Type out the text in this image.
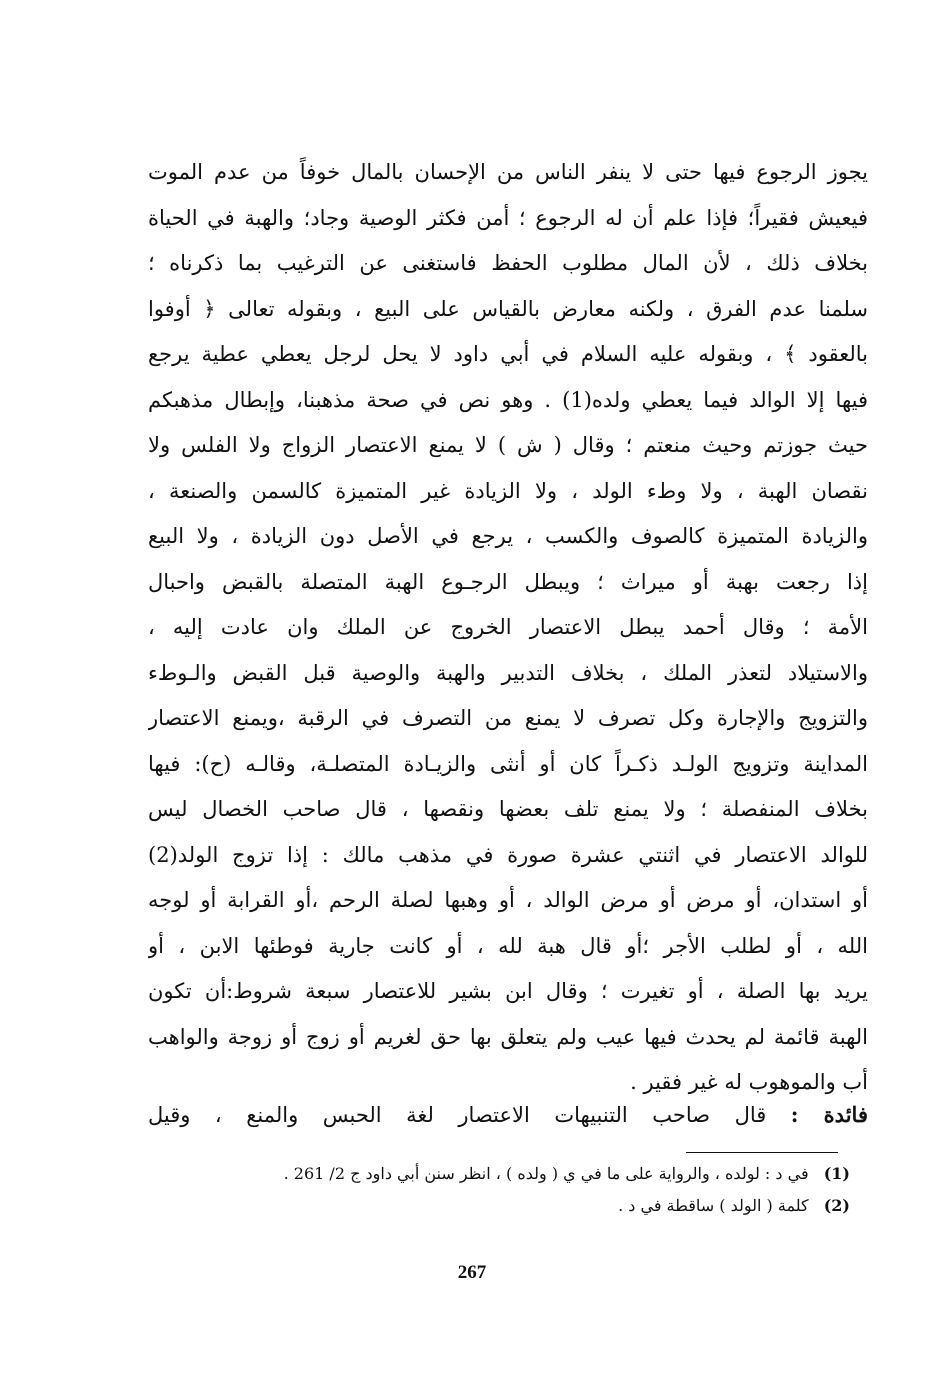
يجوز الرجوع فيها حتى لا ينفر الناس من الإحسان بالمال خوفاً من عدم الموت
فيعيش فقيراً؛ فإذا علم أن له الرجوع ؛ أمن فكثر الوصية وجاد؛ والهبة في الحياة
بخلاف ذلك ، لأن المال مطلوب الحفظ فاستغنى عن الترغيب بما ذكرناه ؛
سلمنا عدم الفرق ، ولكنه معارض بالقياس على البيع ، وبقوله تعالى ﴿ أوفوا
بالعقود ﴾ ، وبقوله عليه السلام في أبي داود لا يحل لرجل يعطي عطية يرجع
فيها إلا الوالد فيما يعطي ولده(1) . وهو نص في صحة مذهبنا، وإبطال مذهبكم
حيث جوزتم وحيث منعتم ؛ وقال ( ش ) لا يمنع الاعتصار الزواج ولا الفلس ولا
نقصان الهبة ، ولا وطء الولد ، ولا الزيادة غير المتميزة كالسمن والصنعة ،
والزيادة المتميزة كالصوف والكسب ، يرجع في الأصل دون الزيادة ، ولا البيع
إذا رجعت بهبة أو ميراث ؛ ويبطل الرجـوع الهبة المتصلة بالقبض واحبال
الأمة ؛ وقال أحمد يبطل الاعتصار الخروج عن الملك وان عادت إليه ،
والاستيلاد لتعذر الملك ، بخلاف التدبير والهبة والوصية قبل القبض والـوطء
والتزويج والإجارة وكل تصرف لا يمنع من التصرف في الرقبة ،ويمنع الاعتصار
المداينة وتزويج الولـد ذكـراً كان أو أنثى والزيـادة المتصلـة، وقالـه (ح): فيها
بخلاف المنفصلة ؛ ولا يمنع تلف بعضها ونقصها ، قال صاحب الخصال ليس
للوالد الاعتصار في اثنتي عشرة صورة في مذهب مالك : إذا تزوج الولد(2)
أو استدان، أو مرض أو مرض الوالد ، أو وهبها لصلة الرحم ،أو القرابة أو لوجه
الله ، أو لطلب الأجر ؛أو قال هبة لله ، أو كانت جارية فوطئها الابن ، أو
يريد بها الصلة ، أو تغيرت ؛ وقال ابن بشير للاعتصار سبعة شروط:أن تكون
الهبة قائمة لم يحدث فيها عيب ولم يتعلق بها حق لغريم أو زوج أو زوجة والواهب
أب والموهوب له غير فقير .
فائدة : قال صاحب التنبيهات الاعتصار لغة الحبس والمنع ، وقيل
(1) في د : لولده ، والرواية على ما في ي ( ولده ) ، انظر سنن أبي داود ج 2/ 261 .
(2) كلمة ( الولد ) ساقطة في د .
267
